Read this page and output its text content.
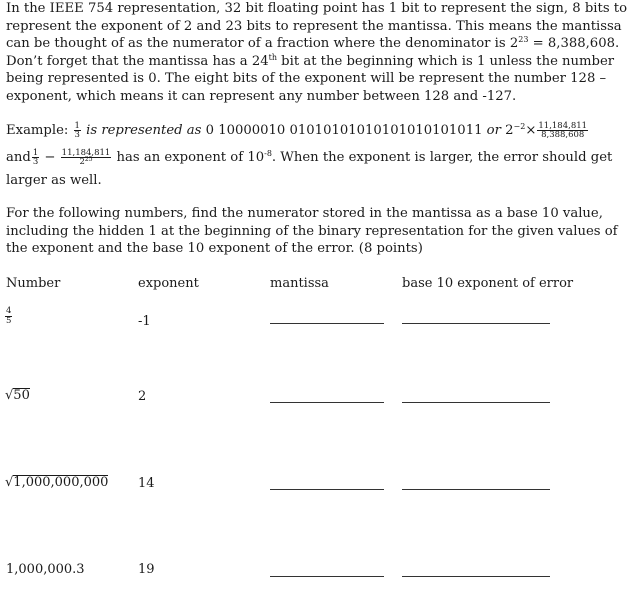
In the IEEE 754 representation, 32 bit floating point has 1 bit to represent the sign, 8 bits to
represent the exponent of 2 and 23 bits to represent the mantissa. This means the mantissa
can be thought of as the numerator of a fraction where the denominator is $2^{23} = 8,388,608$.
Don’t forget that the mantissa has a 24th bit at the beginning which is 1 unless the number
being represented is 0. The eight bits of the exponent will be represent the number 128 –
exponent, which means it can represent any number between 128 and -127.
Example: $\frac{1}{3}$ is represented as 0 10000010 01010101010101010101011 or $2^{-2}\times \frac{11,184,811}{8,388,608}$
and $\frac{1}{3} - \frac{11,184,811}{2^{25}}$ has an exponent of $10^{-8}$. When the exponent is larger, the error should get
larger as well.
For the following numbers, find the numerator stored in the mantissa as a base 10 value,
including the hidden 1 at the beginning of the binary representation for the given values of
the exponent and the base 10 exponent of the error. (8 points)
Number	exponent	mantissa	base 10 exponent of error
$\frac{4}{5}$	-1
√50	2
√1,000,000,000 14
1,000,000.3	19
